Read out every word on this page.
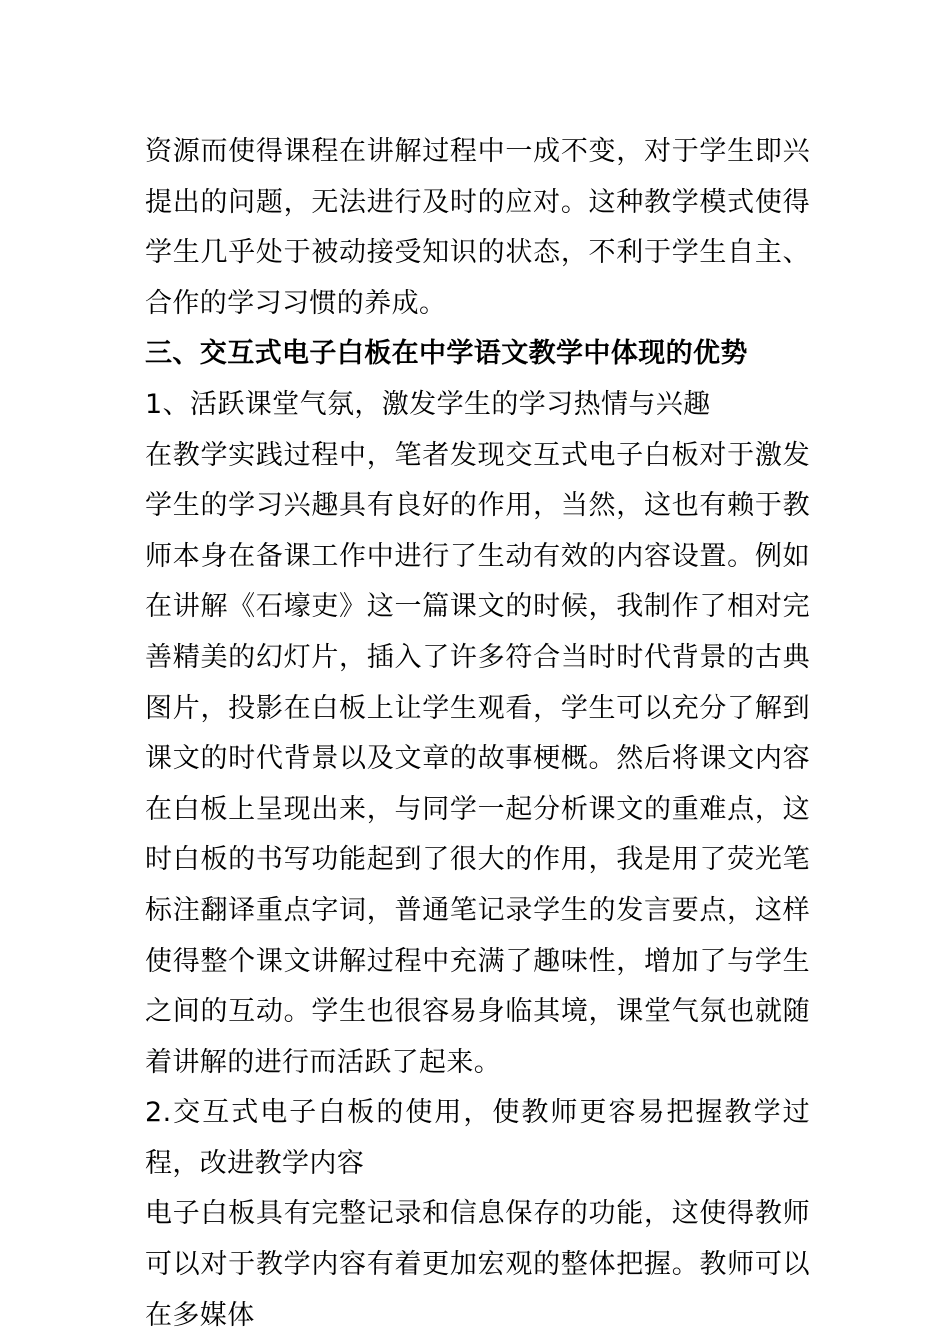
资源而使得课程在讲解过程中一成不变，对于学生即兴提出的问题，无法进行及时的应对。这种教学模式使得学生几乎处于被动接受知识的状态，不利于学生自主、合作的学习习惯的养成。

三、交互式电子白板在中学语文教学中体现的优势

1、活跃课堂气氛，激发学生的学习热情与兴趣

在教学实践过程中，笔者发现交互式电子白板对于激发学生的学习兴趣具有良好的作用，当然，这也有赖于教师本身在备课工作中进行了生动有效的内容设置。例如在讲解《石壕吏》这一篇课文的时候，我制作了相对完善精美的幻灯片，插入了许多符合当时时代背景的古典图片，投影在白板上让学生观看，学生可以充分了解到课文的时代背景以及文章的故事梗概。然后将课文内容在白板上呈现出来，与同学一起分析课文的重难点，这时白板的书写功能起到了很大的作用，我是用了荧光笔标注翻译重点字词，普通笔记录学生的发言要点，这样使得整个课文讲解过程中充满了趣味性，增加了与学生之间的互动。学生也很容易身临其境，课堂气氛也就随着讲解的进行而活跃了起来。

2.交互式电子白板的使用，使教师更容易把握教学过程，改进教学内容

电子白板具有完整记录和信息保存的功能，这使得教师可以对于教学内容有着更加宏观的整体把握。教师可以在多媒体
